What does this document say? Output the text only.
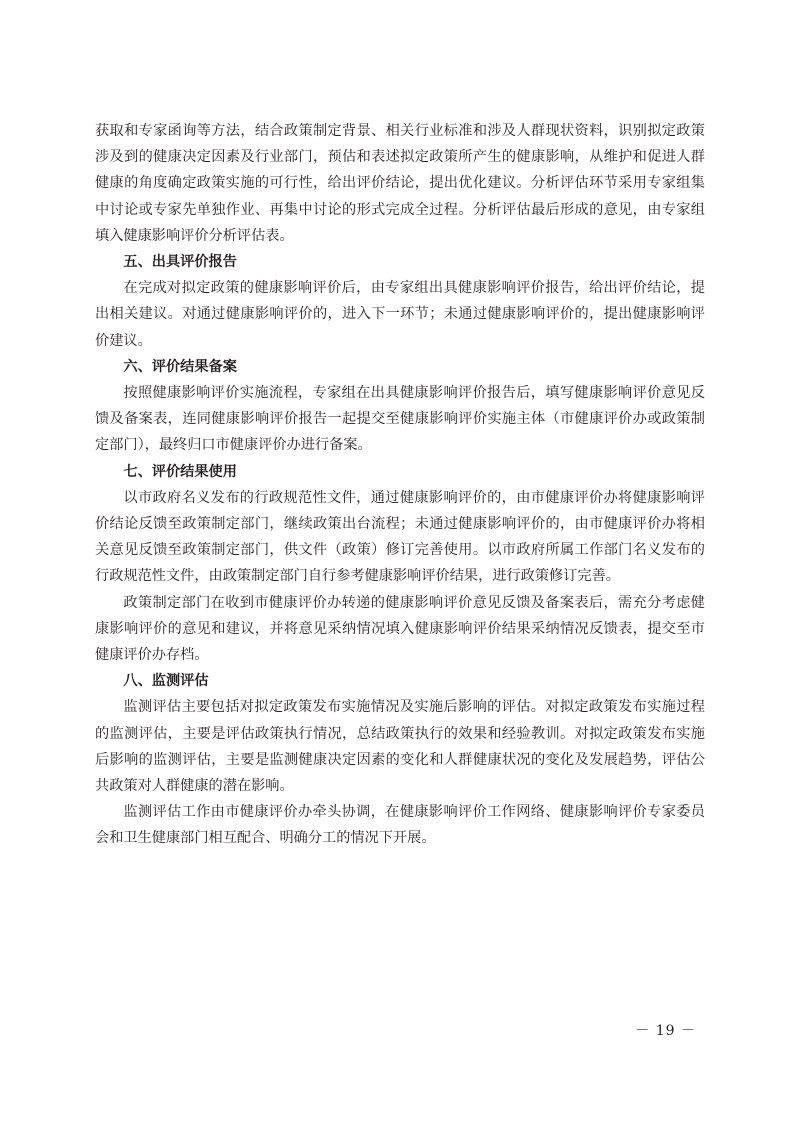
获取和专家函询等方法，结合政策制定背景、相关行业标准和涉及人群现状资料，识别拟定政策涉及到的健康决定因素及行业部门，预估和表述拟定政策所产生的健康影响，从维护和促进人群健康的角度确定政策实施的可行性，给出评价结论，提出优化建议。分析评估环节采用专家组集中讨论或专家先单独作业、再集中讨论的形式完成全过程。分析评估最后形成的意见，由专家组填入健康影响评价分析评估表。

五、出具评价报告

在完成对拟定政策的健康影响评价后，由专家组出具健康影响评价报告，给出评价结论，提出相关建议。对通过健康影响评价的，进入下一环节；未通过健康影响评价的，提出健康影响评价建议。

六、评价结果备案

按照健康影响评价实施流程，专家组在出具健康影响评价报告后，填写健康影响评价意见反馈及备案表，连同健康影响评价报告一起提交至健康影响评价实施主体（市健康评价办或政策制定部门），最终归口市健康评价办进行备案。

七、评价结果使用

以市政府名义发布的行政规范性文件，通过健康影响评价的，由市健康评价办将健康影响评价结论反馈至政策制定部门，继续政策出台流程；未通过健康影响评价的，由市健康评价办将相关意见反馈至政策制定部门，供文件（政策）修订完善使用。以市政府所属工作部门名义发布的行政规范性文件，由政策制定部门自行参考健康影响评价结果，进行政策修订完善。

政策制定部门在收到市健康评价办转递的健康影响评价意见反馈及备案表后，需充分考虑健康影响评价的意见和建议，并将意见采纳情况填入健康影响评价结果采纳情况反馈表，提交至市健康评价办存档。

八、监测评估

监测评估主要包括对拟定政策发布实施情况及实施后影响的评估。对拟定政策发布实施过程的监测评估，主要是评估政策执行情况，总结政策执行的效果和经验教训。对拟定政策发布实施后影响的监测评估，主要是监测健康决定因素的变化和人群健康状况的变化及发展趋势，评估公共政策对人群健康的潜在影响。

监测评估工作由市健康评价办牵头协调，在健康影响评价工作网络、健康影响评价专家委员会和卫生健康部门相互配合、明确分工的情况下开展。

－ 19 －
